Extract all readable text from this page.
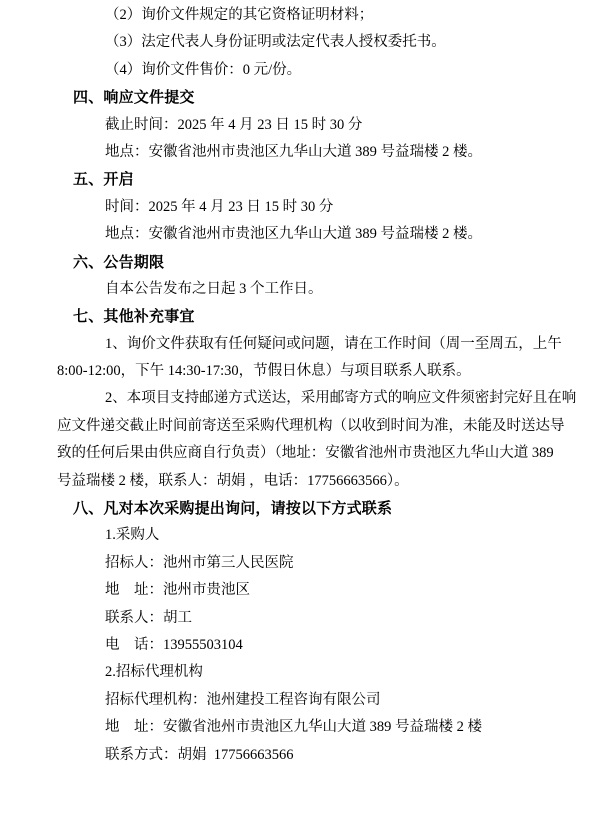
（2）询价文件规定的其它资格证明材料；
（3）法定代表人身份证明或法定代表人授权委托书。
（4）询价文件售价：0 元/份。
四、响应文件提交
截止时间：2025 年 4 月 23 日 15 时 30 分
地点：安徽省池州市贵池区九华山大道 389 号益瑞楼 2 楼。
五、开启
时间：2025 年 4 月 23 日 15 时 30 分
地点：安徽省池州市贵池区九华山大道 389 号益瑞楼 2 楼。
六、公告期限
自本公告发布之日起 3 个工作日。
七、其他补充事宜
1、询价文件获取有任何疑问或问题，请在工作时间（周一至周五，上午
8:00-12:00，下午 14:30-17:30，节假日休息）与项目联系人联系。
2、本项目支持邮递方式送达，采用邮寄方式的响应文件须密封完好且在响
应文件递交截止时间前寄送至采购代理机构（以收到时间为准，未能及时送达导
致的任何后果由供应商自行负责）（地址：安徽省池州市贵池区九华山大道 389
号益瑞楼 2 楼，联系人：胡娟 ，电话：17756663566）。
八、凡对本次采购提出询问，请按以下方式联系
1.采购人
招标人：池州市第三人民医院
地　址：池州市贵池区
联系人：胡工
电　话：13955503104
2.招标代理机构
招标代理机构：池州建投工程咨询有限公司
地　址：安徽省池州市贵池区九华山大道 389 号益瑞楼 2 楼
联系方式：胡娟  17756663566
